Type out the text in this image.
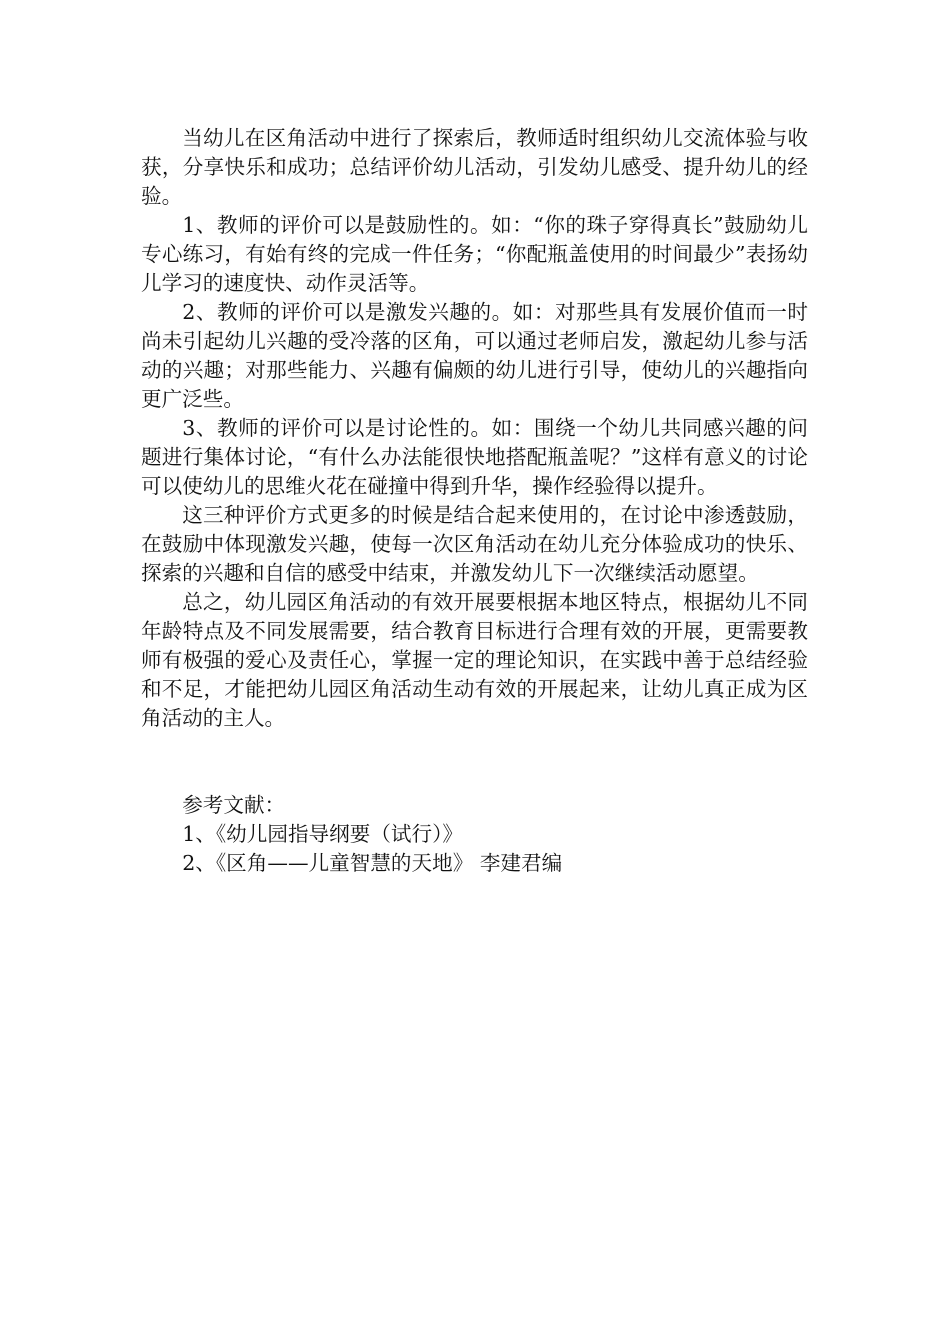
当幼儿在区角活动中进行了探索后，教师适时组织幼儿交流体验与收获，分享快乐和成功；总结评价幼儿活动，引发幼儿感受、提升幼儿的经验。

1、教师的评价可以是鼓励性的。如：“你的珠子穿得真长”鼓励幼儿专心练习，有始有终的完成一件任务；“你配瓶盖使用的时间最少”表扬幼儿学习的速度快、动作灵活等。

2、教师的评价可以是激发兴趣的。如：对那些具有发展价值而一时尚未引起幼儿兴趣的受冷落的区角，可以通过老师启发，激起幼儿参与活动的兴趣；对那些能力、兴趣有偏颇的幼儿进行引导，使幼儿的兴趣指向更广泛些。

3、教师的评价可以是讨论性的。如：围绕一个幼儿共同感兴趣的问题进行集体讨论，“有什么办法能很快地搭配瓶盖呢？”这样有意义的讨论可以使幼儿的思维火花在碰撞中得到升华，操作经验得以提升。

这三种评价方式更多的时候是结合起来使用的，在讨论中渗透鼓励，在鼓励中体现激发兴趣，使每一次区角活动在幼儿充分体验成功的快乐、探索的兴趣和自信的感受中结束，并激发幼儿下一次继续活动愿望。

总之，幼儿园区角活动的有效开展要根据本地区特点，根据幼儿不同年龄特点及不同发展需要，结合教育目标进行合理有效的开展，更需要教师有极强的爱心及责任心，掌握一定的理论知识，在实践中善于总结经验和不足，才能把幼儿园区角活动生动有效的开展起来，让幼儿真正成为区角活动的主人。

参考文献：

1、《幼儿园指导纲要（试行）》

2、《区角——儿童智慧的天地》 李建君编
